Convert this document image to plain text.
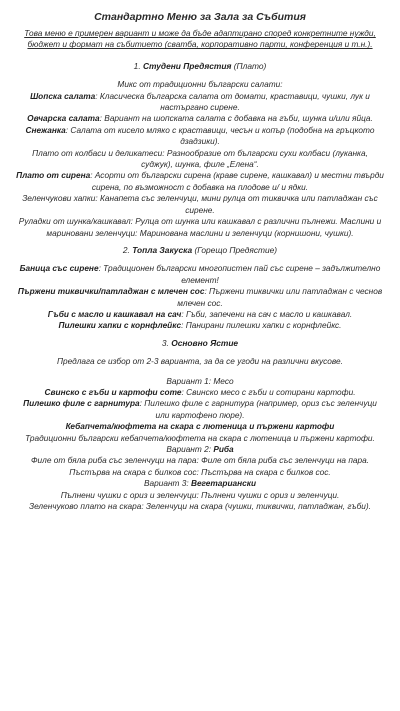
Стандартно Меню за Зала за Събития

Това меню е примерен вариант и може да бъде адаптирано според конкретните нужди, бюджет и формат на събитието (сватба, корпоративно парти, конференция и т.н.).

1. Студени Предястия (Плато)

Микс от традиционни български салати:

Шопска салата: Класическа българска салата от домати, краставици, чушки, лук и настъргано сирене.

Овчарска салата: Вариант на шопската салата с добавка на гъби, шунка и/или яйца.

Снежанка: Салата от кисело мляко с краставици, чесън и копър (подобна на гръцкото дзадзики).

Плато от колбаси и деликатеси: Разнообразие от български сухи колбаси (луканка, суджук), шунка, филе „Елена“.

Плато от сирена: Асорти от български сирена (краве сирене, кашкавал) и местни твърди сирена, по възможност с добавка на плодове и/ и ядки.

Зеленчукови хапки: Канапета със зеленчуци, мини рулца от тиквичка или патладжан със сирене.

Руладки от шунка/кашкавал: Рулца от шунка или кашкавал с различни пълнежи. Маслини и мариновани зеленчуци: Маринована маслини и зеленчуци (корнишони, чушки).

2. Топла Закуска (Горещо Предястие)

Баница със сирене: Традиционен български многопистен пай със сирене – задължително елемент!

Пържени тиквички/патладжан с млечен сос: Пържени тиквички или патладжан с чеснов млечен сос.

Гъби с масло и кашкавал на сач: Гъби, запечени на сач с масло и кашкавал.

Пилешки хапки с корнфлейкс: Панирани пилешки хапки с корнфлейкс.

3. Основно Ястие

Предлага се избор от 2-3 варианта, за да се угоди на различни вкусове.

Вариант 1: Месо

Свинско с гъби и картофи соте: Свинско месо с гъби и сотирани картофи.

Пилешко филе с гарнитура: Пилешко филе с гарнитура (например, ориз със зеленчуци или картофено пюре).

Кебапчета/кюфтета на скара с лютеница и пържени картофи

Традиционни български кебапчета/кюфтета на скара с лютеница и пържени картофи.

Вариант 2: Риба

Филе от бяла риба със зеленчуци на пара: Филе от бяла риба със зеленчуци на пара.

Пъстърва на скара с билков сос: Пъстърва на скара с билков сос.

Вариант 3: Вегетариански

Пълнени чушки с ориз и зеленчуци: Пълнени чушки с ориз и зеленчуци.

Зеленчуково плато на скара: Зеленчуци на скара (чушки, тиквички, патладжан, гъби).
